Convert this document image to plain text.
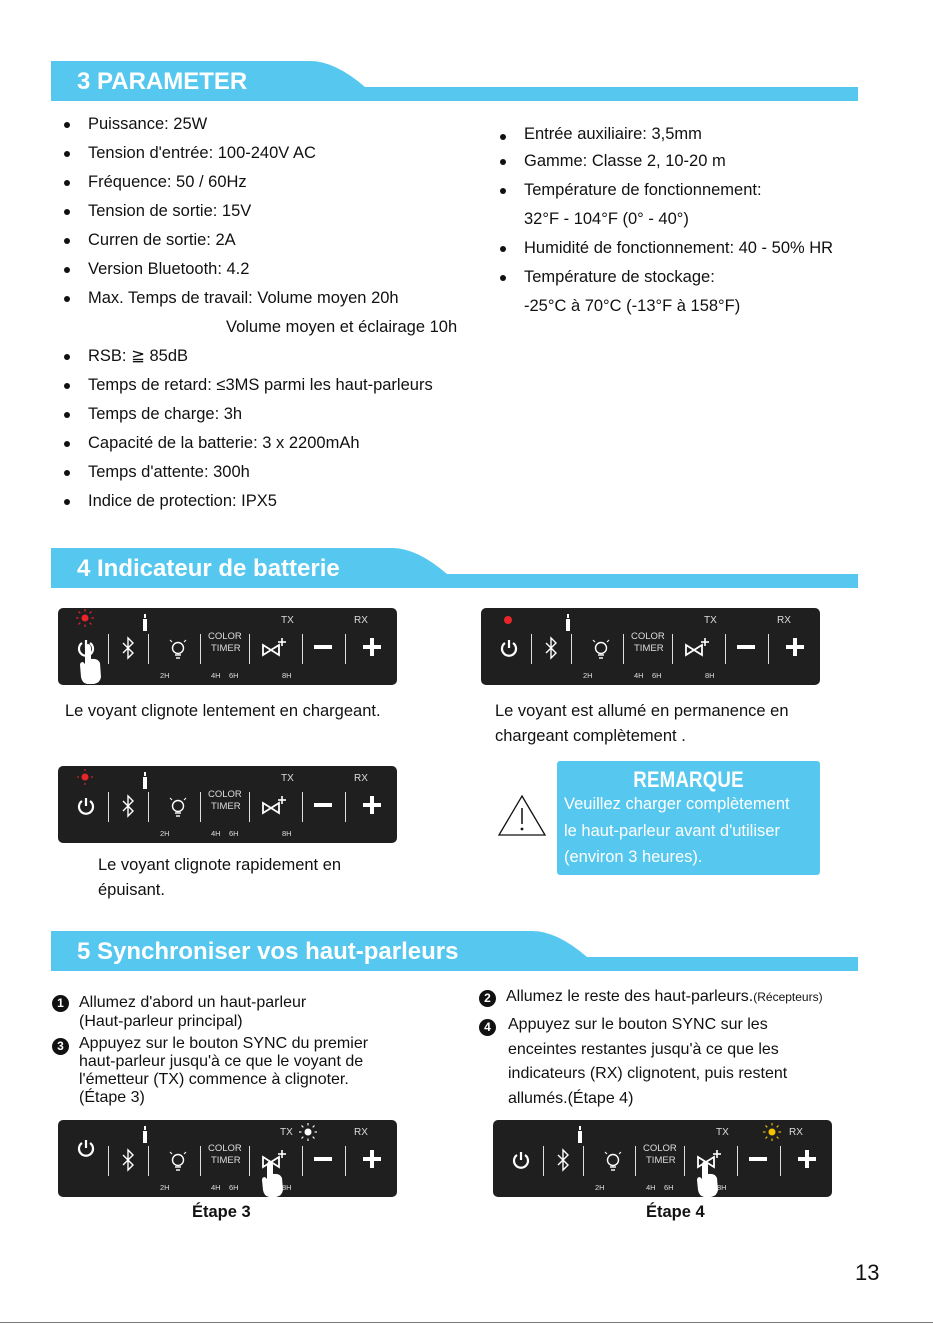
3 PARAMETER
Puissance: 25W
Tension d'entrée: 100-240V AC
Fréquence: 50 / 60Hz
Tension de sortie: 15V
Curren de sortie: 2A
Version Bluetooth: 4.2
Max. Temps de travail: Volume moyen 20h
Volume moyen et éclairage 10h
RSB: ≧ 85dB
Temps de retard: ≤3MS parmi les haut-parleurs
Temps de charge: 3h
Capacité de la batterie: 3 x 2200mAh
Temps d'attente: 300h
Indice de protection: IPX5
Entrée auxiliaire: 3,5mm
Gamme: Classe 2, 10-20 m
Température de fonctionnement:
32°F - 104°F (0° - 40°)
Humidité de fonctionnement: 40 - 50% HR
Température de stockage:
-25°C à 70°C (-13°F à 158°F)
4 Indicateur de batterie
2H
COLOR
TIMER
4H 6H	8H
TX	RX
2H
COLOR
TIMER
4H 6H	8H
TX	RX
Le voyant clignote lentement en chargeant.	Le voyant est allumé en permanence en
chargeant complètement .
2H
COLOR
TIMER
4H 6H	8H
TX	RX
Le voyant clignote rapidement en
épuisant.
REMARQUE
Veuillez charger complètement
le haut-parleur avant d'utiliser
(environ 3 heures).
5 Synchroniser vos haut-parleurs
1 Allumez d'abord un haut-parleur
(Haut-parleur principal)
3 Appuyez sur le bouton SYNC du premier
haut-parleur jusqu'à ce que le voyant de
l'émetteur (TX) commence à clignoter.
(Étape 3)
2 Allumez le reste des haut-parleurs.(Récepteurs)
4	Appuyez sur le bouton SYNC sur les
enceintes restantes jusqu'à ce que les
indicateurs (RX) clignotent, puis restent
allumés.(Étape 4)
2H
COLOR
TIMER
4H 6H	8H
TX	RX
2H
COLOR
TIMER
4H 6H	8H
TX	RX
Étape 3	Étape 4
13
